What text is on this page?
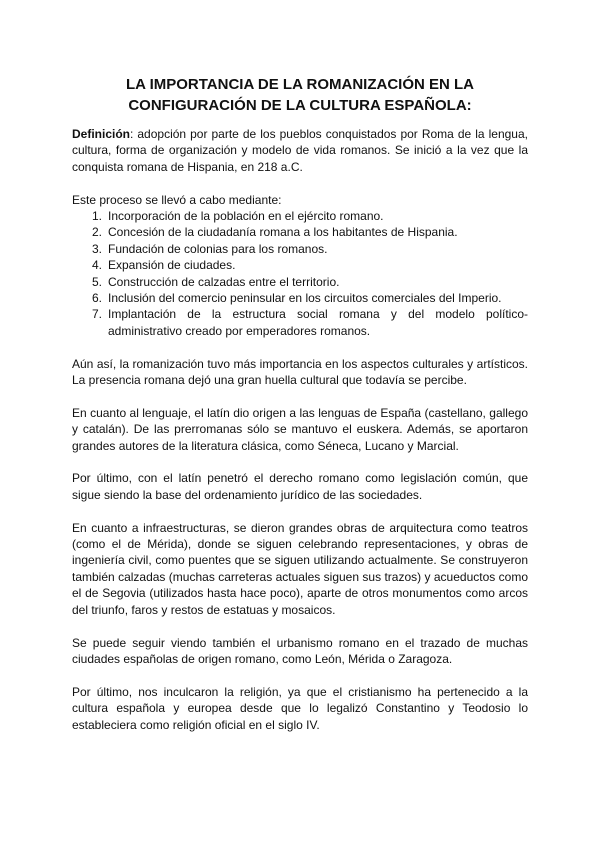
LA IMPORTANCIA DE LA ROMANIZACIÓN EN LA
CONFIGURACIÓN DE LA CULTURA ESPAÑOLA:

Definición: adopción por parte de los pueblos conquistados por Roma de la lengua, cultura, forma de organización y modelo de vida romanos. Se inició a la vez que la conquista romana de Hispania, en 218 a.C.

Este proceso se llevó a cabo mediante:

Incorporación de la población en el ejército romano.
Concesión de la ciudadanía romana a los habitantes de Hispania.
Fundación de colonias para los romanos.
Expansión de ciudades.
Construcción de calzadas entre el territorio.
Inclusión del comercio peninsular en los circuitos comerciales del Imperio.
Implantación de la estructura social romana y del modelo político-administrativo creado por emperadores romanos.

Aún así, la romanización tuvo más importancia en los aspectos culturales y artísticos. La presencia romana dejó una gran huella cultural que todavía se percibe.

En cuanto al lenguaje, el latín dio origen a las lenguas de España (castellano, gallego y catalán). De las prerromanas sólo se mantuvo el euskera. Además, se aportaron grandes autores de la literatura clásica, como Séneca, Lucano y Marcial.

Por último, con el latín penetró el derecho romano como legislación común, que sigue siendo la base del ordenamiento jurídico de las sociedades.

En cuanto a infraestructuras, se dieron grandes obras de arquitectura como teatros (como el de Mérida), donde se siguen celebrando representaciones, y obras de ingeniería civil, como puentes que se siguen utilizando actualmente. Se construyeron también calzadas (muchas carreteras actuales siguen sus trazos) y acueductos como el de Segovia (utilizados hasta hace poco), aparte de otros monumentos como arcos del triunfo, faros y restos de estatuas y mosaicos.

Se puede seguir viendo también el urbanismo romano en el trazado de muchas ciudades españolas de origen romano, como León, Mérida o Zaragoza.

Por último, nos inculcaron la religión, ya que el cristianismo ha pertenecido a la cultura española y europea desde que lo legalizó Constantino y Teodosio lo estableciera como religión oficial en el siglo IV.
